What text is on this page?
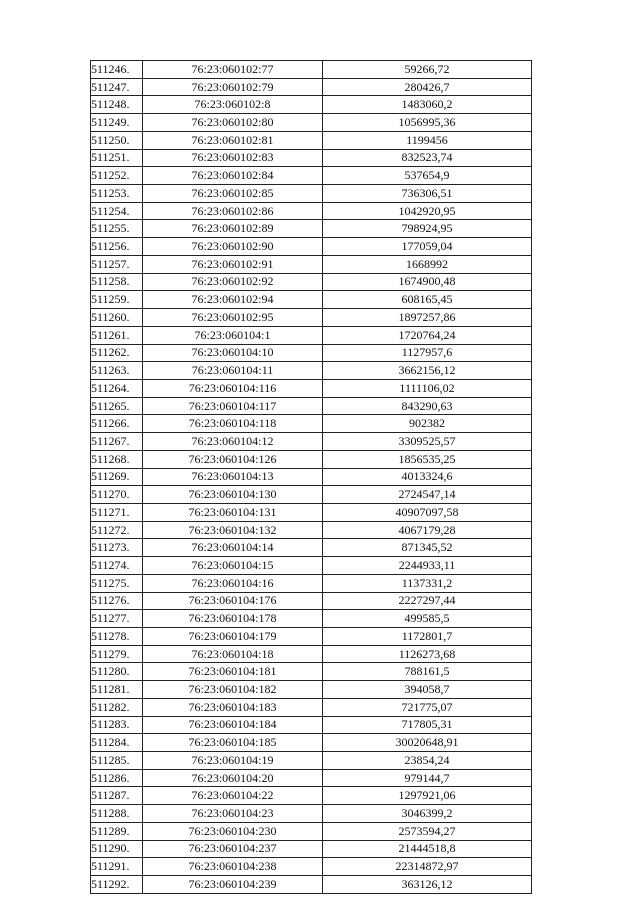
511246.	76:23:060102:77	59266,72
511247.	76:23:060102:79	280426,7
511248.	76:23:060102:8	1483060,2
511249.	76:23:060102:80	1056995,36
511250.	76:23:060102:81	1199456
511251.	76:23:060102:83	832523,74
511252.	76:23:060102:84	537654,9
511253.	76:23:060102:85	736306,51
511254.	76:23:060102:86	1042920,95
511255.	76:23:060102:89	798924,95
511256.	76:23:060102:90	177059,04
511257.	76:23:060102:91	1668992
511258.	76:23:060102:92	1674900,48
511259.	76:23:060102:94	608165,45
511260.	76:23:060102:95	1897257,86
511261.	76:23:060104:1	1720764,24
511262.	76:23:060104:10	1127957,6
511263.	76:23:060104:11	3662156,12
511264.	76:23:060104:116	1111106,02
511265.	76:23:060104:117	843290,63
511266.	76:23:060104:118	902382
511267.	76:23:060104:12	3309525,57
511268.	76:23:060104:126	1856535,25
511269.	76:23:060104:13	4013324,6
511270.	76:23:060104:130	2724547,14
511271.	76:23:060104:131	40907097,58
511272.	76:23:060104:132	4067179,28
511273.	76:23:060104:14	871345,52
511274.	76:23:060104:15	2244933,11
511275.	76:23:060104:16	1137331,2
511276.	76:23:060104:176	2227297,44
511277.	76:23:060104:178	499585,5
511278.	76:23:060104:179	1172801,7
511279.	76:23:060104:18	1126273,68
511280.	76:23:060104:181	788161,5
511281.	76:23:060104:182	394058,7
511282.	76:23:060104:183	721775,07
511283.	76:23:060104:184	717805,31
511284.	76:23:060104:185	30020648,91
511285.	76:23:060104:19	23854,24
511286.	76:23:060104:20	979144,7
511287.	76:23:060104:22	1297921,06
511288.	76:23:060104:23	3046399,2
511289.	76:23:060104:230	2573594,27
511290.	76:23:060104:237	21444518,8
511291.	76:23:060104:238	22314872,97
511292.	76:23:060104:239	363126,12
